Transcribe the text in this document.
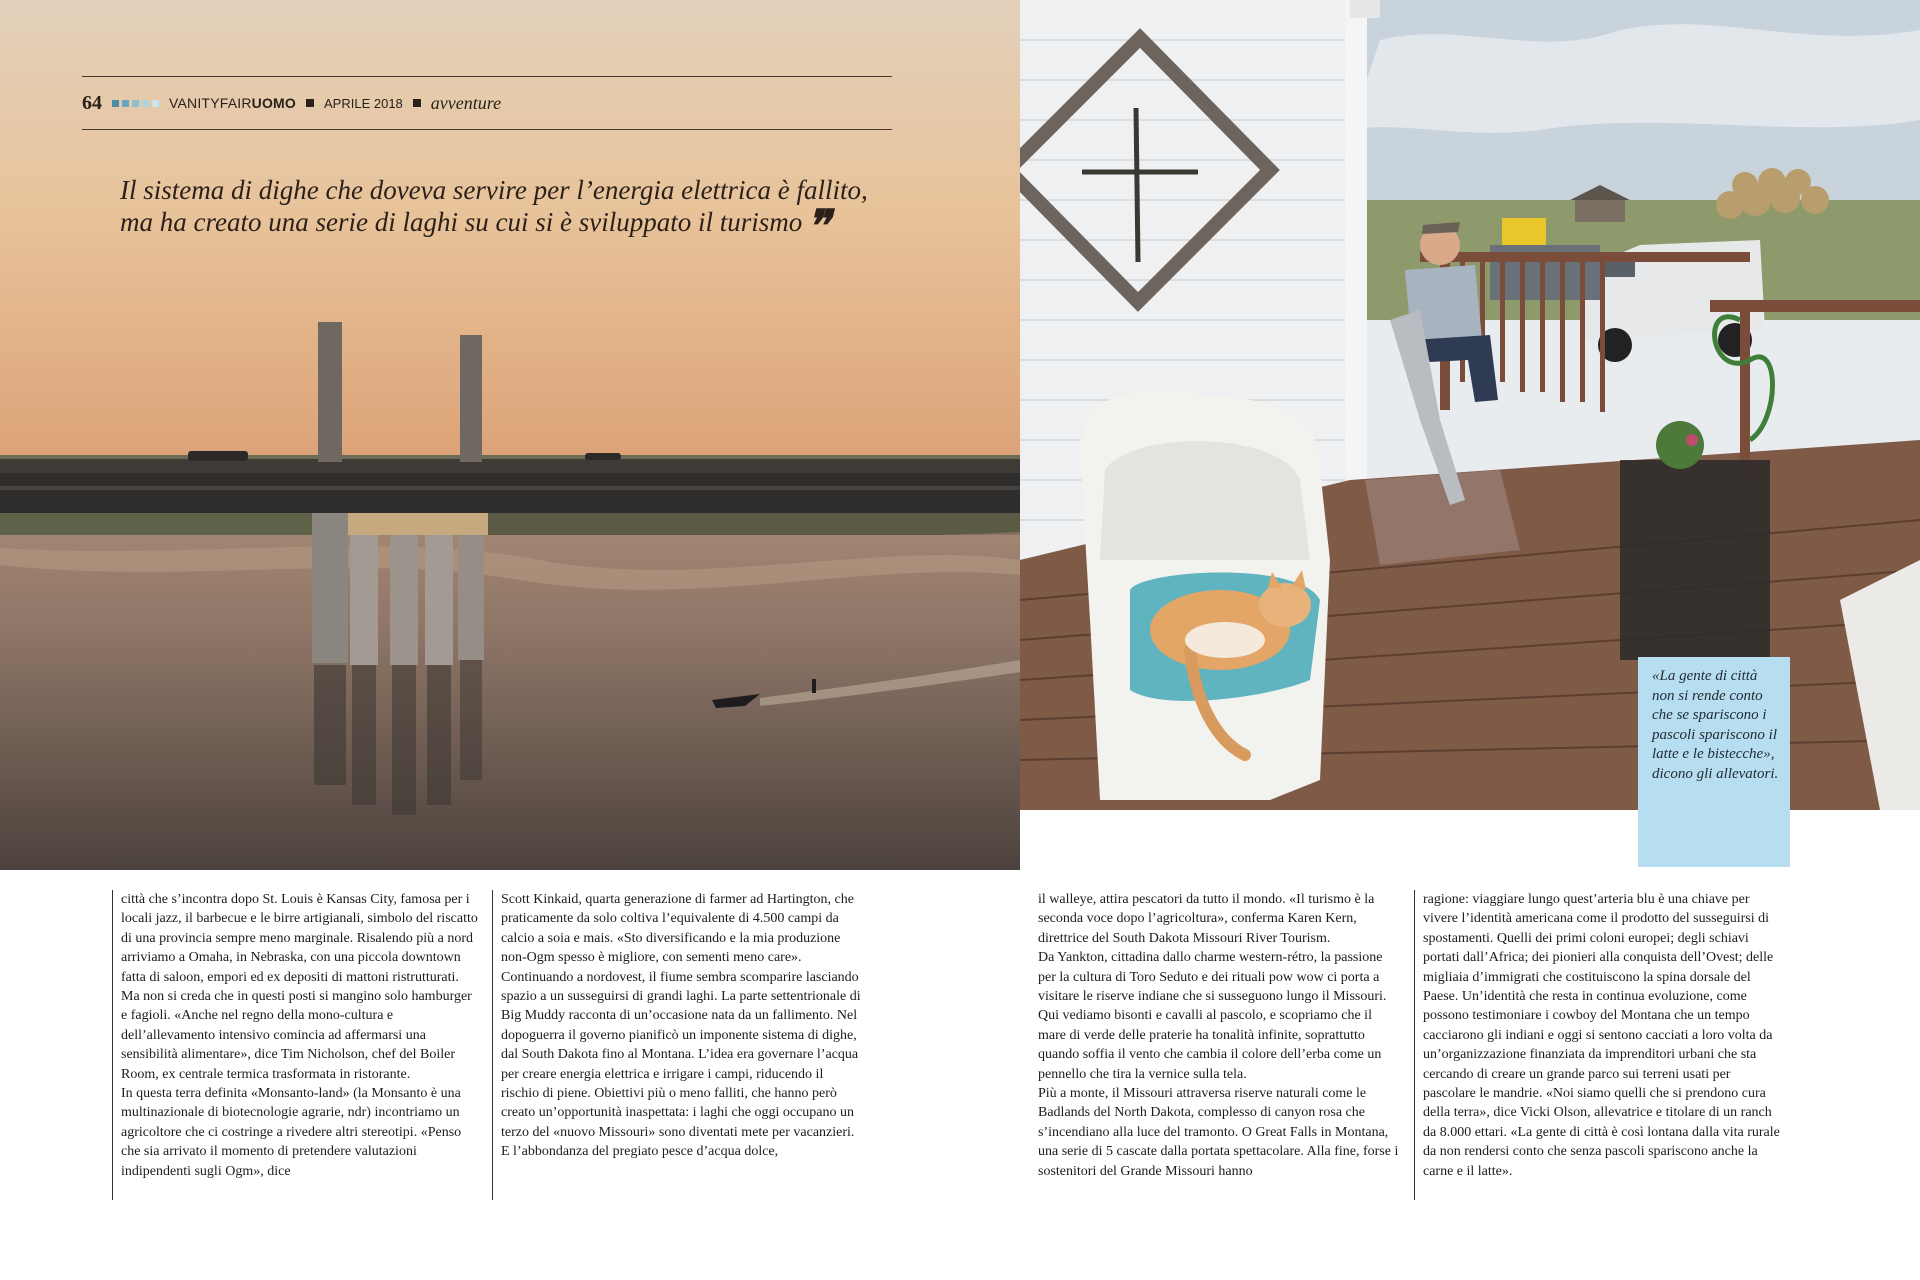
64	VANITYFAIRUOMO APRILE 2018 avventure
Il sistema di dighe che doveva servire per l’energia elettrica è fallito, ma ha creato una serie di laghi su cui si è sviluppato il turismo❞

«La gente di città non si rende conto che se spariscono i pascoli spariscono il latte e le bistecche», dicono gli allevatori.

città che s’incontra dopo St. Louis è Kansas City, famosa per i locali jazz, il barbecue e le birre artigianali, simbolo del riscatto di una provincia sempre meno marginale. Risalendo più a nord arriviamo a Omaha, in Nebraska, con una piccola downtown fatta di saloon, empori ed ex depositi di mattoni ristrutturati. Ma non si creda che in questi posti si mangino solo hamburger e fagioli. «Anche nel regno della mono-cultura e dell’allevamento intensivo comincia ad affermarsi una sensibilità alimentare», dice Tim Nicholson, chef del Boiler Room, ex centrale termica trasformata in ristorante.
In questa terra definita «Monsanto-land» (la Monsanto è una multinazionale di biotecnologie agrarie, ndr) incontriamo un agricoltore che ci costringe a rivedere altri stereotipi. «Penso che sia arrivato il momento di pretendere valutazioni indipendenti sugli Ogm», dice

Scott Kinkaid, quarta generazione di farmer ad Hartington, che praticamente da solo coltiva l’equivalente di 4.500 campi da calcio a soia e mais. «Sto diversificando e la mia produzione non-Ogm spesso è migliore, con sementi meno care».
Continuando a nordovest, il fiume sembra scomparire lasciando spazio a un susseguirsi di grandi laghi. La parte settentrionale di Big Muddy racconta di un’occasione nata da un fallimento. Nel dopoguerra il governo pianificò un imponente sistema di dighe, dal South Dakota fino al Montana. L’idea era governare l’acqua per creare energia elettrica e irrigare i campi, riducendo il rischio di piene. Obiettivi più o meno falliti, che hanno però creato un’opportunità inaspettata: i laghi che oggi occupano un terzo del «nuovo Missouri» sono diventati mete per vacanzieri. E l’abbondanza del pregiato pesce d’acqua dolce,

il walleye, attira pescatori da tutto il mondo. «Il turismo è la seconda voce dopo l’agricoltura», conferma Karen Kern, direttrice del South Dakota Missouri River Tourism.
Da Yankton, cittadina dallo charme western-rétro, la passione per la cultura di Toro Seduto e dei rituali pow wow ci porta a visitare le riserve indiane che si susseguono lungo il Missouri. Qui vediamo bisonti e cavalli al pascolo, e scopriamo che il mare di verde delle praterie ha tonalità infinite, soprattutto quando soffia il vento che cambia il colore dell’erba come un pennello che tira la vernice sulla tela.
Più a monte, il Missouri attraversa riserve naturali come le Badlands del North Dakota, complesso di canyon rosa che s’incendiano alla luce del tramonto. O Great Falls in Montana, una serie di 5 cascate dalla portata spettacolare. Alla fine, forse i sostenitori del Grande Missouri hanno

ragione: viaggiare lungo quest’arteria blu è una chiave per vivere l’identità americana come il prodotto del susseguirsi di spostamenti. Quelli dei primi coloni europei; degli schiavi portati dall’Africa; dei pionieri alla conquista dell’Ovest; delle migliaia d’immigrati che costituiscono la spina dorsale del Paese. Un’identità che resta in continua evoluzione, come possono testimoniare i cowboy del Montana che un tempo cacciarono gli indiani e oggi si sentono cacciati a loro volta da un’organizzazione finanziata da imprenditori urbani che sta cercando di creare un grande parco sui terreni usati per pascolare le mandrie. «Noi siamo quelli che si prendono cura della terra», dice Vicki Olson, allevatrice e titolare di un ranch da 8.000 ettari. «La gente di città è così lontana dalla vita rurale da non rendersi conto che senza pascoli spariscono anche la carne e il latte».
